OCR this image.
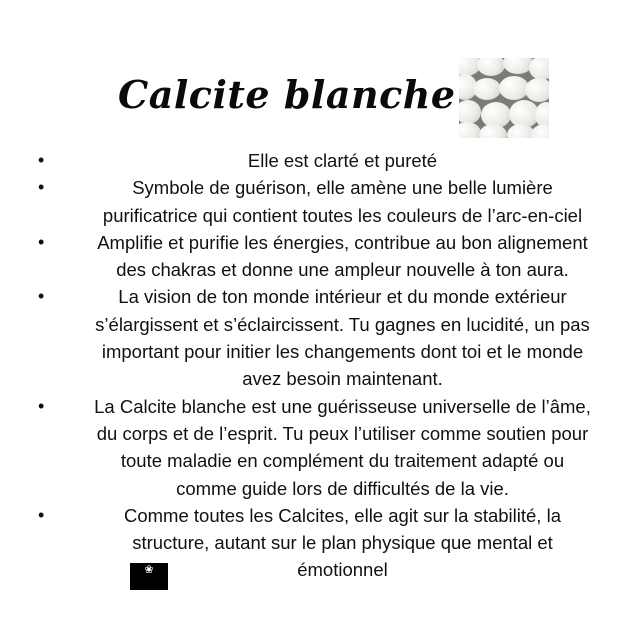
Calcite blanche
•	Elle est clarté et pureté
•	Symbole de guérison, elle amène une belle lumière
purificatrice qui contient toutes les couleurs de l’arc-en-ciel
•	Amplifie et purifie les énergies, contribue au bon alignement
des chakras et donne une ampleur nouvelle à ton aura.
•	La vision de ton monde intérieur et du monde extérieur
s’élargissent et s’éclaircissent. Tu gagnes en lucidité, un pas
important pour initier les changements dont toi et le monde
avez besoin maintenant.
•	La Calcite blanche est une guérisseuse universelle de l’âme,
du corps et de l’esprit. Tu peux l’utiliser comme soutien pour
toute maladie en complément du traitement adapté ou
comme guide lors de difficultés de la vie.
•	Comme toutes les Calcites, elle agit sur la stabilité, la
structure, autant sur le plan physique que mental et
émotionnel
❀
